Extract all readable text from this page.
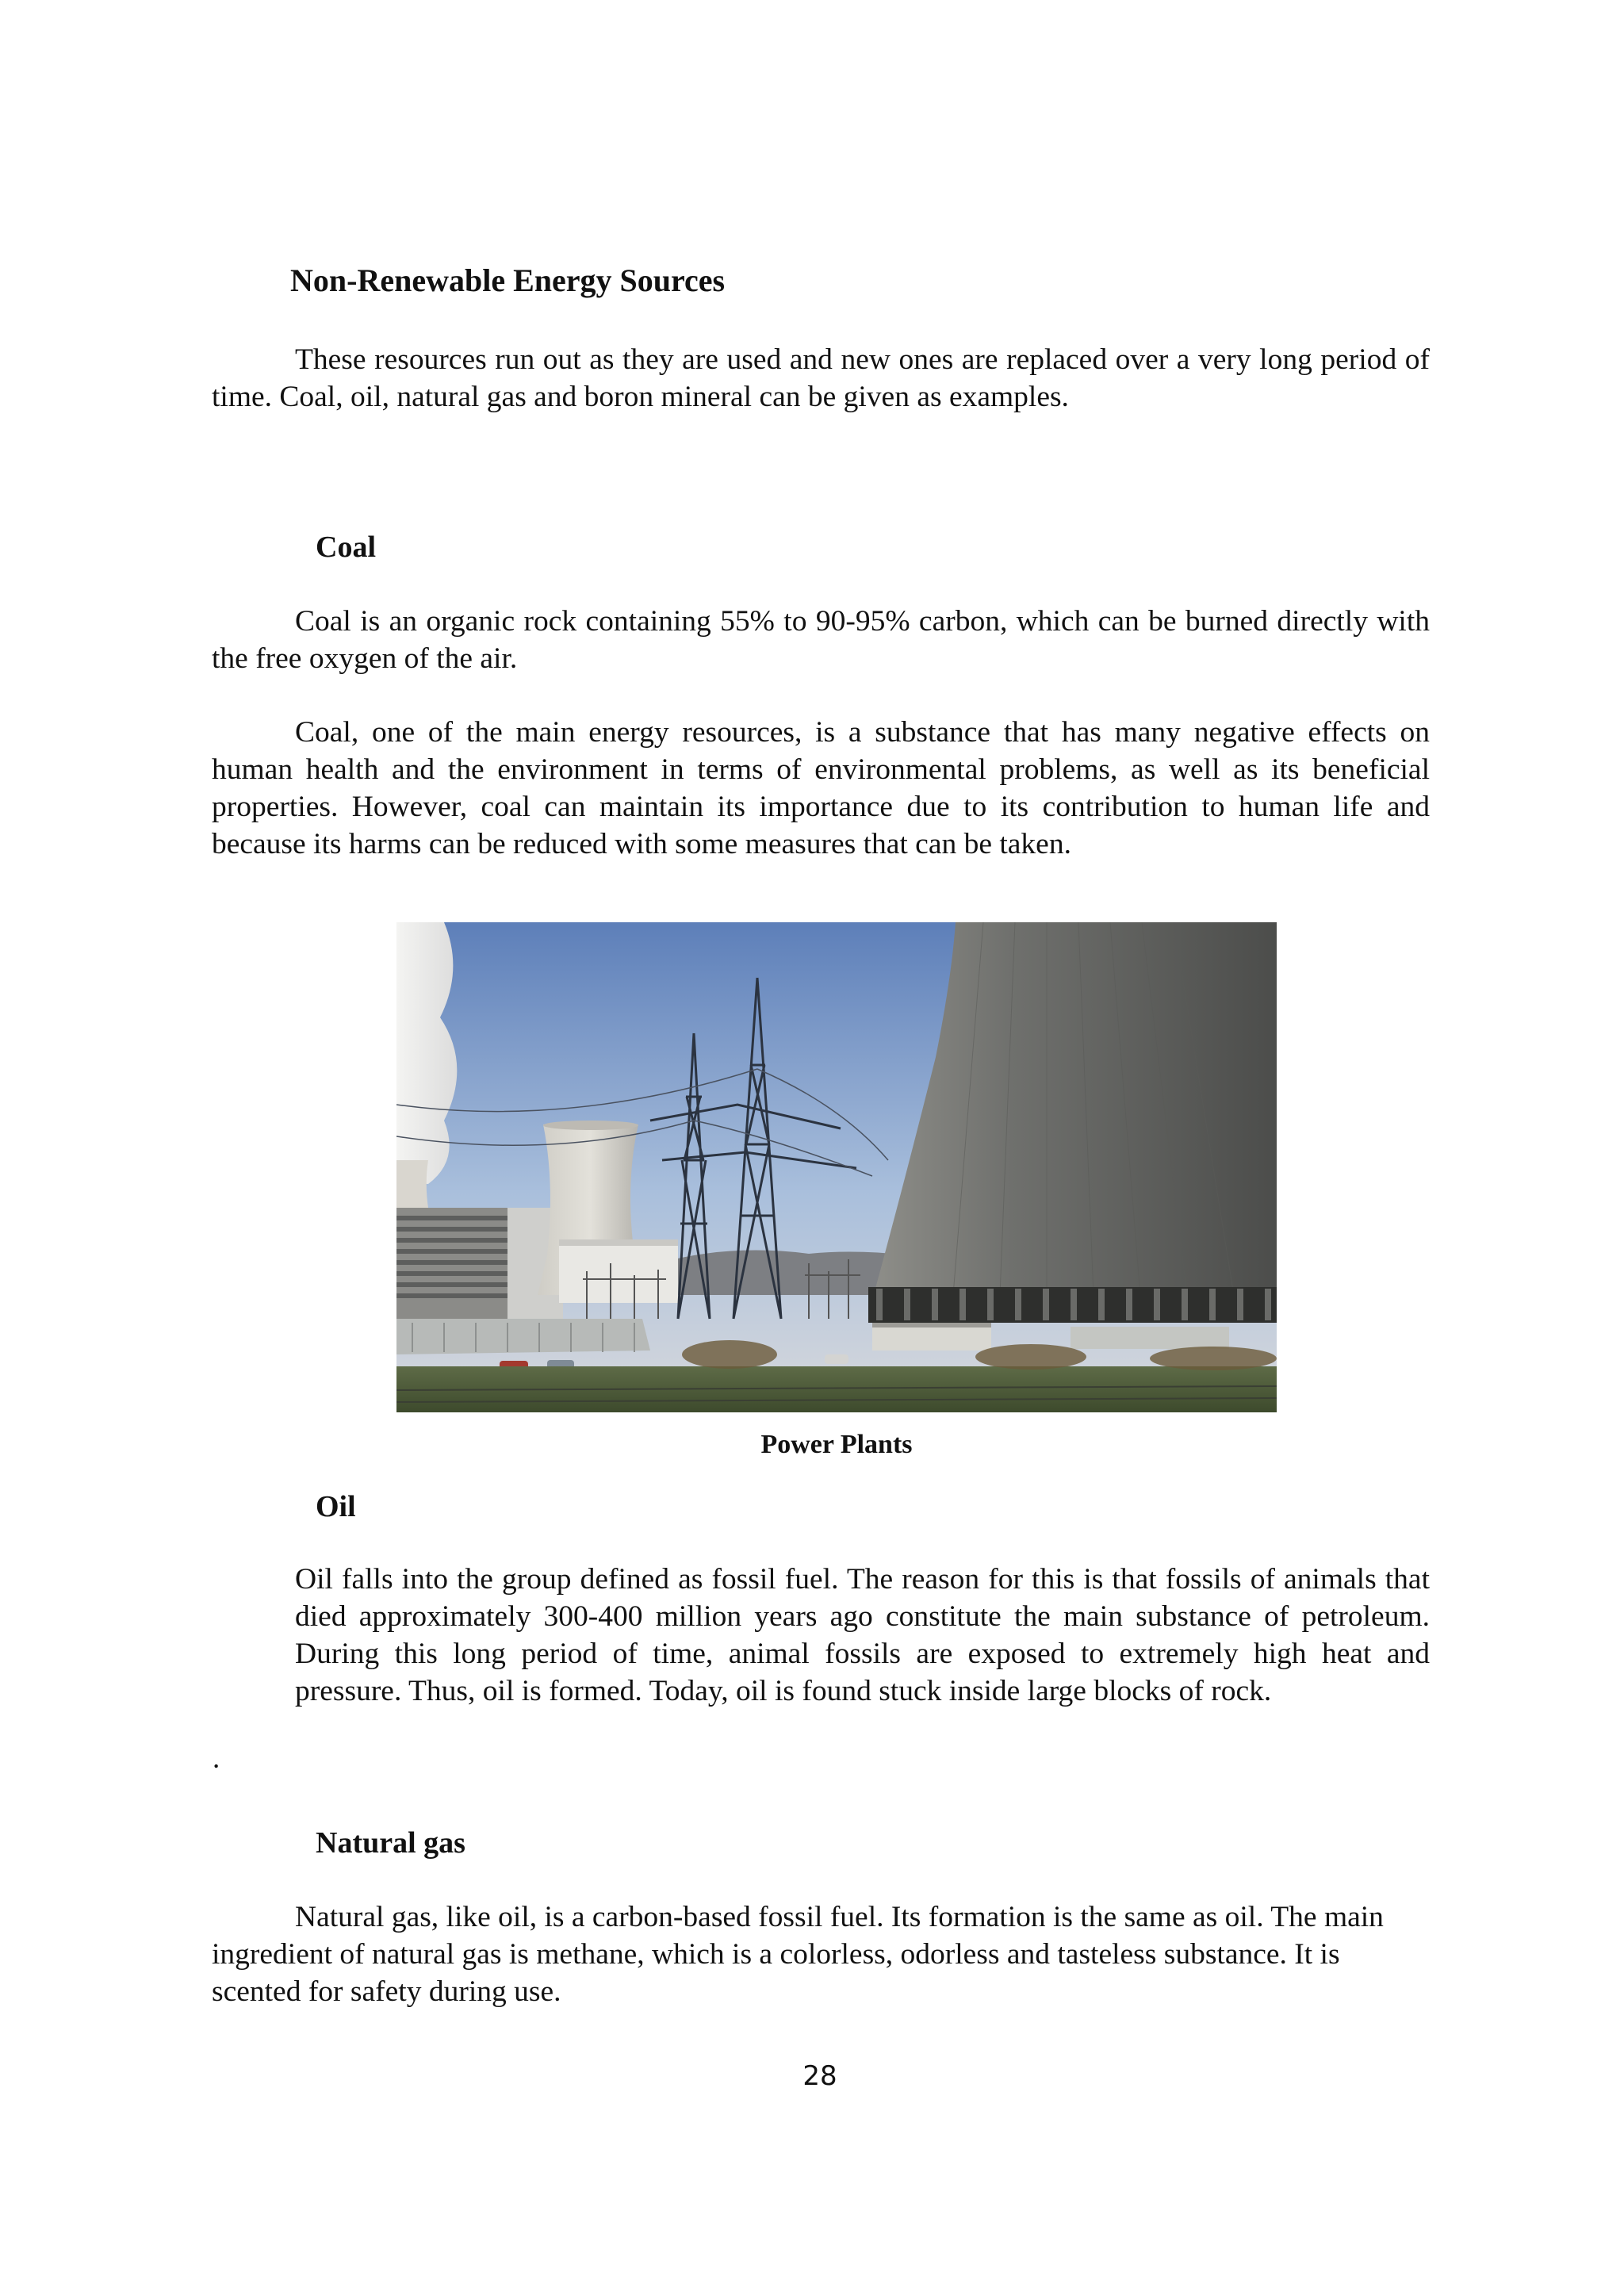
Non-Renewable Energy Sources

These resources run out as they are used and new ones are replaced over a very long period of time. Coal, oil, natural gas and boron mineral can be given as examples.

Coal

Coal is an organic rock containing 55% to 90-95% carbon, which can be burned directly with the free oxygen of the air.

Coal, one of the main energy resources, is a substance that has many negative effects on human health and the environment in terms of environmental problems, as well as its beneficial properties. However, coal can maintain its importance due to its contribution to human life and because its harms can be reduced with some measures that can be taken.

Power Plants

Oil

Oil falls into the group defined as fossil fuel. The reason for this is that fossils of animals that died approximately 300-400 million years ago constitute the main substance of petroleum. During this long period of time, animal fossils are exposed to extremely high heat and pressure. Thus, oil is formed. Today, oil is found stuck inside large blocks of rock.

.

Natural gas

Natural gas, like oil, is a carbon-based fossil fuel. Its formation is the same as oil. The main ingredient of natural gas is methane, which is a colorless, odorless and tasteless substance. It is scented for safety during use.

28
